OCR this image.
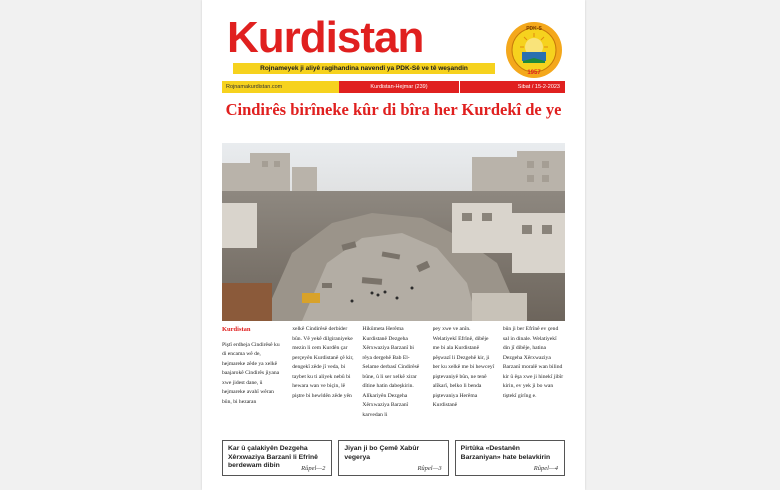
Kurdistan
Rojnameyek ji aliyê ragihandina navendî ya PDK-Sê ve tê weşandin
PDK-S
1957
Rojnamakurdistan.com	Kurdistan-Hejmar (239)	Sibat / 15-2-2023
Cindirês birîneke kûr di bîra her Kurdekî de ye
Kurdistan
Piştî erdheja Cindirêsê ku di encama wê de, hejmareke zêde ya xelkê baajarokê Cindirês jiyana xwe jidest dane, û hejmareke avahî wêran bûn, bi hezaran
xelkê Cindirêsê derbider bûn. Vê yekê dilgiraniyeke mezin li cem Kurdên çar perçeyên Kurdistanê çê kir, dengekî zêde jî veda, bi taybet ku ti aliyek nebû bi hewara wan ve biçin, lê piştre bi hewldên zêde yên
Hikûmeta Herêma Kurdistanê Dezgeha Xêrxwaziya Barzanî bi rêya dergehê Bab El-Selame derbasî Cindirêsê bûne, û li ser xelkê xirar dîtine hatin dabeşkirin. Alîkariyên Dezgeha Xêrxwaziya Barzanî karvedan li
pey xwe ve anîn. Welatiyekî Efrînê, dibêje me bi ala Kurdistanê pêşwazî li Dezgehê kir, ji ber ku xelkê me bi hewceyî piştevaniyê bûn, ne tenê alîkarî, belko li benda piştevaniya Herêma Kurdistanê
bûn ji ber Efrînê ev çend sal in dinale. Welatiyekî din jî dibêje, hatina Dezgeha Xêrxwaziya Barzanî moralê wan bilind kir û êşa xwe ji hinekî jibîr kirin, ev yek ji bo wan tiştekî girîng e.
Kar û çalakiyên Dezgeha Xêrxwaziya Barzanî li Efrînê berdewam dibin	Rûpel—2
Jiyan ji bo Çemê Xabûr vegerya
Rûpel—3
Pirtûka «Destanên Barzaniyan» hate belavkirin
Rûpel—4
